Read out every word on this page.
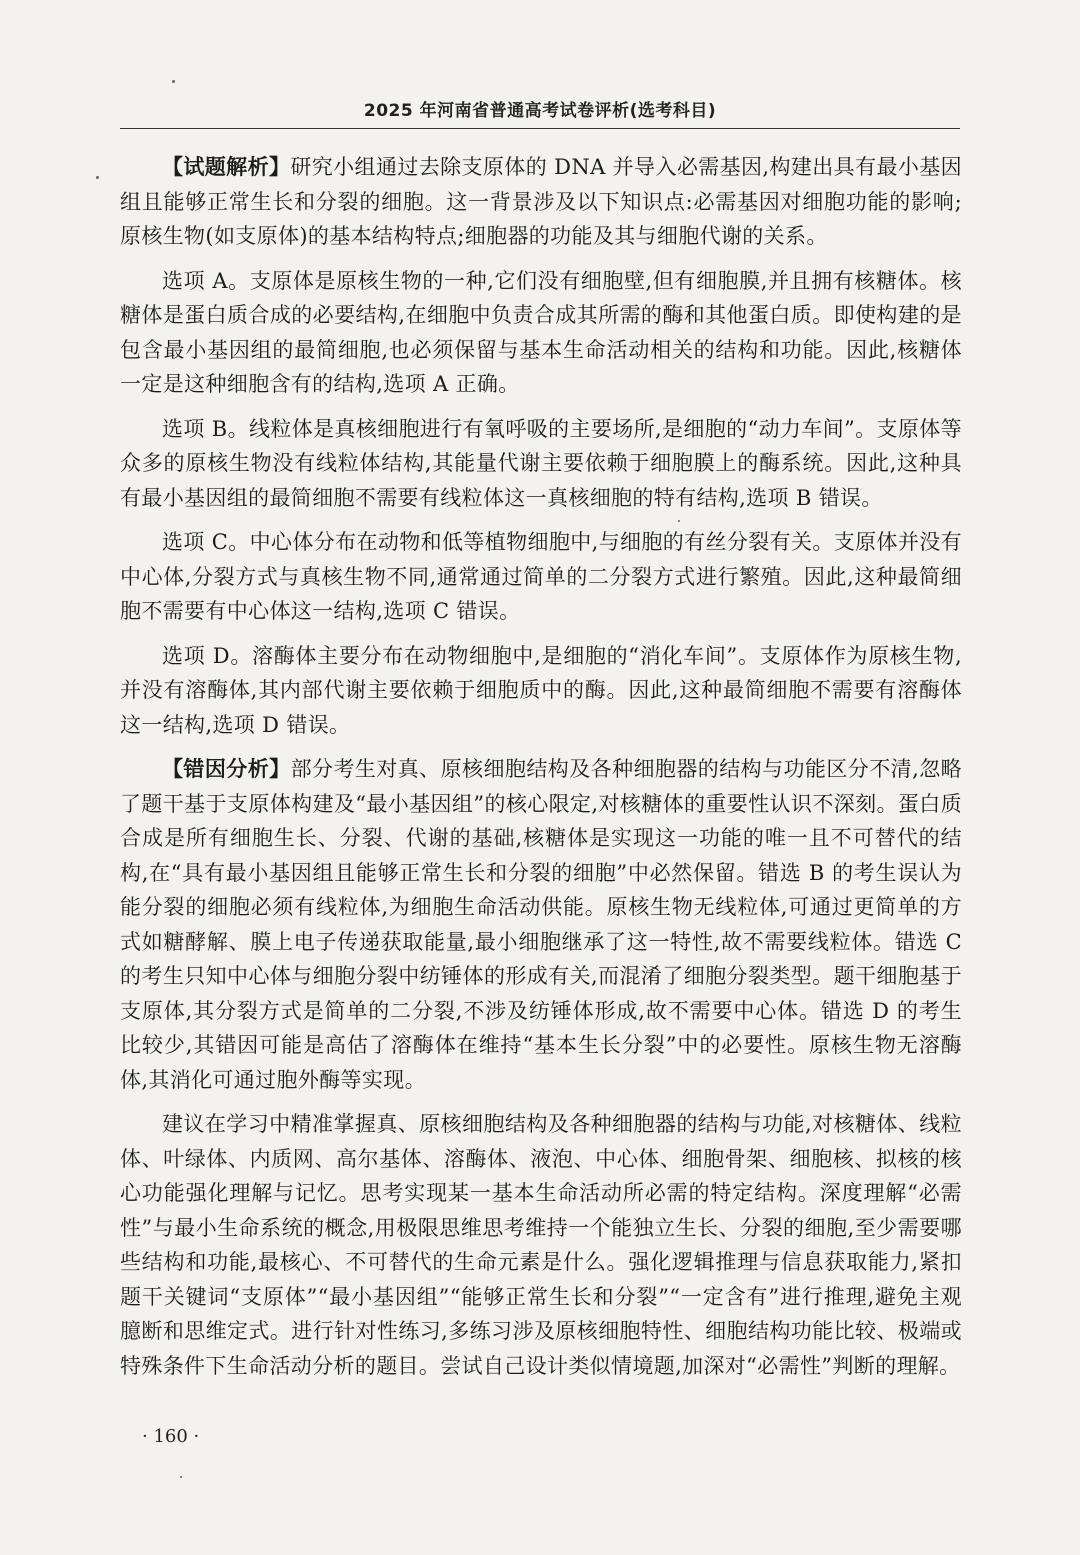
2025 年河南省普通高考试卷评析(选考科目)

【试题解析】研究小组通过去除支原体的 DNA 并导入必需基因,构建出具有最小基因组且能够正常生长和分裂的细胞。这一背景涉及以下知识点:必需基因对细胞功能的影响;原核生物(如支原体)的基本结构特点;细胞器的功能及其与细胞代谢的关系。

选项 A。支原体是原核生物的一种,它们没有细胞壁,但有细胞膜,并且拥有核糖体。核糖体是蛋白质合成的必要结构,在细胞中负责合成其所需的酶和其他蛋白质。即使构建的是包含最小基因组的最简细胞,也必须保留与基本生命活动相关的结构和功能。因此,核糖体一定是这种细胞含有的结构,选项 A 正确。

选项 B。线粒体是真核细胞进行有氧呼吸的主要场所,是细胞的“动力车间”。支原体等众多的原核生物没有线粒体结构,其能量代谢主要依赖于细胞膜上的酶系统。因此,这种具有最小基因组的最简细胞不需要有线粒体这一真核细胞的特有结构,选项 B 错误。

选项 C。中心体分布在动物和低等植物细胞中,与细胞的有丝分裂有关。支原体并没有中心体,分裂方式与真核生物不同,通常通过简单的二分裂方式进行繁殖。因此,这种最简细胞不需要有中心体这一结构,选项 C 错误。

选项 D。溶酶体主要分布在动物细胞中,是细胞的“消化车间”。支原体作为原核生物,并没有溶酶体,其内部代谢主要依赖于细胞质中的酶。因此,这种最简细胞不需要有溶酶体这一结构,选项 D 错误。

【错因分析】部分考生对真、原核细胞结构及各种细胞器的结构与功能区分不清,忽略了题干基于支原体构建及“最小基因组”的核心限定,对核糖体的重要性认识不深刻。蛋白质合成是所有细胞生长、分裂、代谢的基础,核糖体是实现这一功能的唯一且不可替代的结构,在“具有最小基因组且能够正常生长和分裂的细胞”中必然保留。错选 B 的考生误认为能分裂的细胞必须有线粒体,为细胞生命活动供能。原核生物无线粒体,可通过更简单的方式如糖酵解、膜上电子传递获取能量,最小细胞继承了这一特性,故不需要线粒体。错选 C 的考生只知中心体与细胞分裂中纺锤体的形成有关,而混淆了细胞分裂类型。题干细胞基于支原体,其分裂方式是简单的二分裂,不涉及纺锤体形成,故不需要中心体。错选 D 的考生比较少,其错因可能是高估了溶酶体在维持“基本生长分裂”中的必要性。原核生物无溶酶体,其消化可通过胞外酶等实现。

建议在学习中精准掌握真、原核细胞结构及各种细胞器的结构与功能,对核糖体、线粒体、叶绿体、内质网、高尔基体、溶酶体、液泡、中心体、细胞骨架、细胞核、拟核的核心功能强化理解与记忆。思考实现某一基本生命活动所必需的特定结构。深度理解“必需性”与最小生命系统的概念,用极限思维思考维持一个能独立生长、分裂的细胞,至少需要哪些结构和功能,最核心、不可替代的生命元素是什么。强化逻辑推理与信息获取能力,紧扣题干关键词“支原体”“最小基因组”“能够正常生长和分裂”“一定含有”进行推理,避免主观臆断和思维定式。进行针对性练习,多练习涉及原核细胞特性、细胞结构功能比较、极端或特殊条件下生命活动分析的题目。尝试自己设计类似情境题,加深对“必需性”判断的理解。

· 160 ·
